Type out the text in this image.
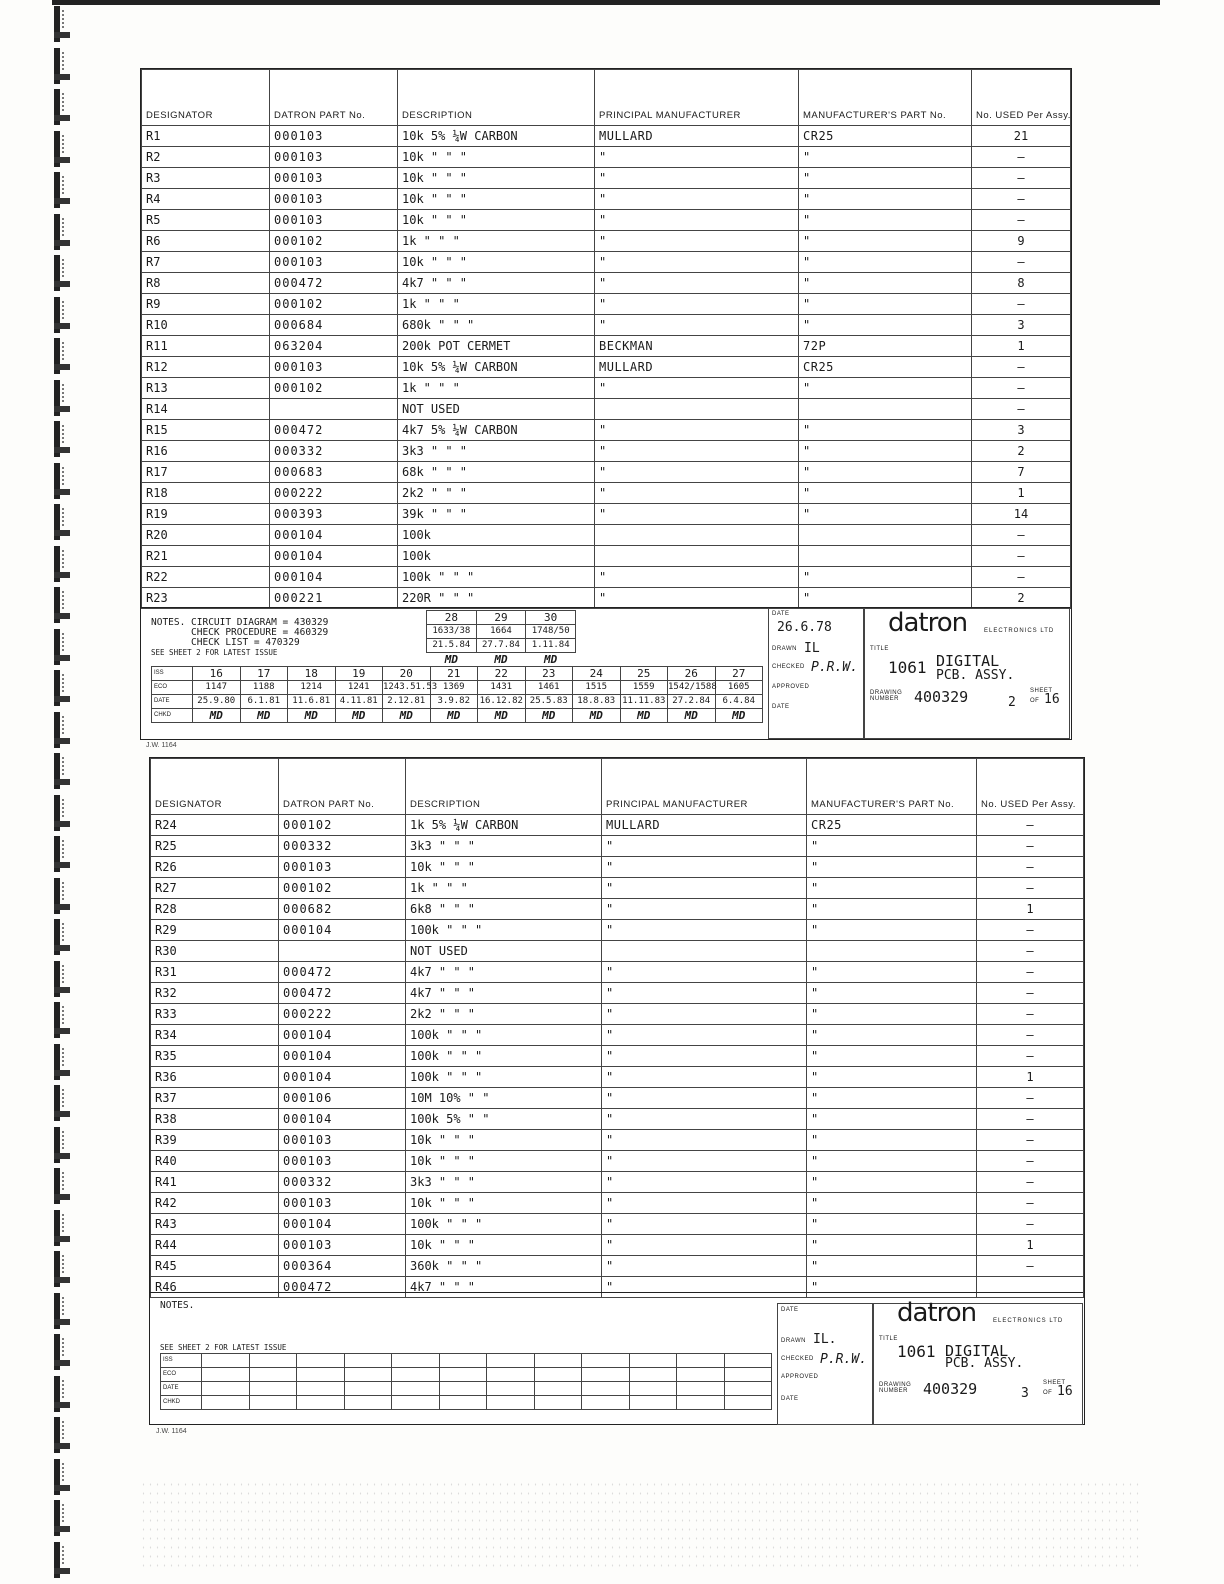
DESIGNATOR	DATRON PART No.	DESCRIPTION	PRINCIPAL MANUFACTURER	MANUFACTURER'S PART No.	No. USED Per Assy.
R1	000103	10k 5% ¼W CARBON	MULLARD	CR25	21
R2	000103	10k " " "	"	"	—
R3	000103	10k " " "	"	"	—
R4	000103	10k " " "	"	"	—
R5	000103	10k " " "	"	"	—
R6	000102	1k " " "	"	"	9
R7	000103	10k " " "	"	"	—
R8	000472	4k7 " " "	"	"	8
R9	000102	1k " " "	"	"	—
R10	000684	680k " " "	"	"	3
R11	063204	200k POT CERMET	BECKMAN	72P	1
R12	000103	10k 5% ¼W CARBON	MULLARD	CR25	—
R13	000102	1k " " "	"	"	—
R14		NOT USED			—
R15	000472	4k7 5% ¼W CARBON	"	"	3
R16	000332	3k3 " " "	"	"	2
R17	000683	68k " " "	"	"	7
R18	000222	2k2 " " "	"	"	1
R19	000393	39k " " "	"	"	14
R20	000104	100k			—
R21	000104	100k			—
R22	000104	100k " " "	"	"	—
R23	000221	220R " " "	"	"	2
NOTES. CIRCUIT DIAGRAM = 430329
CHECK PROCEDURE = 460329
CHECK LIST = 470329
SEE SHEET 2 FOR LATEST ISSUE
28	29	30
1633/38	1664	1748/50
21.5.84	27.7.84	1.11.84
MD	MD	MD
ISS	16	17	18	19	20	21	22	23	24	25	26	27
ECO	1147	1188	1214	1241	1243.51.53	1369	1431	1461	1515	1559	1542/1588	1605
DATE	25.9.80	6.1.81	11.6.81	4.11.81	2.12.81	3.9.82	16.12.82	25.5.83	18.8.83	11.11.83	27.2.84	6.4.84
CHKD	MD	MD	MD	MD	MD	MD	MD	MD	MD	MD	MD	MD
DATE
26.6.78
DRAWN IL
CHECKED P.R.W.
APPROVED
DATE
datron	ELECTRONICS LTD
TITLE
1061 DIGITAL
PCB. ASSY.
DRAWING NUMBER 400329	SHEET
2 OF 16
J.W. 1164
DESIGNATOR	DATRON PART No.	DESCRIPTION	PRINCIPAL MANUFACTURER	MANUFACTURER'S PART No.	No. USED Per Assy.
R24	000102	1k 5% ¼W CARBON	MULLARD	CR25	—
R25	000332	3k3 " " "	"	"	—
R26	000103	10k " " "	"	"	—
R27	000102	1k " " "	"	"	—
R28	000682	6k8 " " "	"	"	1
R29	000104	100k " " "	"	"	—
R30		NOT USED			—
R31	000472	4k7 " " "	"	"	—
R32	000472	4k7 " " "	"	"	—
R33	000222	2k2 " " "	"	"	—
R34	000104	100k " " "	"	"	—
R35	000104	100k " " "	"	"	—
R36	000104	100k " " "	"	"	1
R37	000106	10M 10% " "	"	"	—
R38	000104	100k 5% " "	"	"	—
R39	000103	10k " " "	"	"	—
R40	000103	10k " " "	"	"	—
R41	000332	3k3 " " "	"	"	—
R42	000103	10k " " "	"	"	—
R43	000104	100k " " "	"	"	—
R44	000103	10k " " "	"	"	1
R45	000364	360k " " "	"	"	—
R46	000472	4k7 " " "	"	"	
NOTES.
SEE SHEET 2 FOR LATEST ISSUE
ISS												
ECO												
DATE												
CHKD												
DATE
DRAWN IL.
CHECKED P.R.W.
APPROVED
DATE
datron	ELECTRONICS LTD
TITLE
1061 DIGITAL
PCB. ASSY.
DRAWING NUMBER 400329	SHEET
3 OF 16
J.W. 1164
